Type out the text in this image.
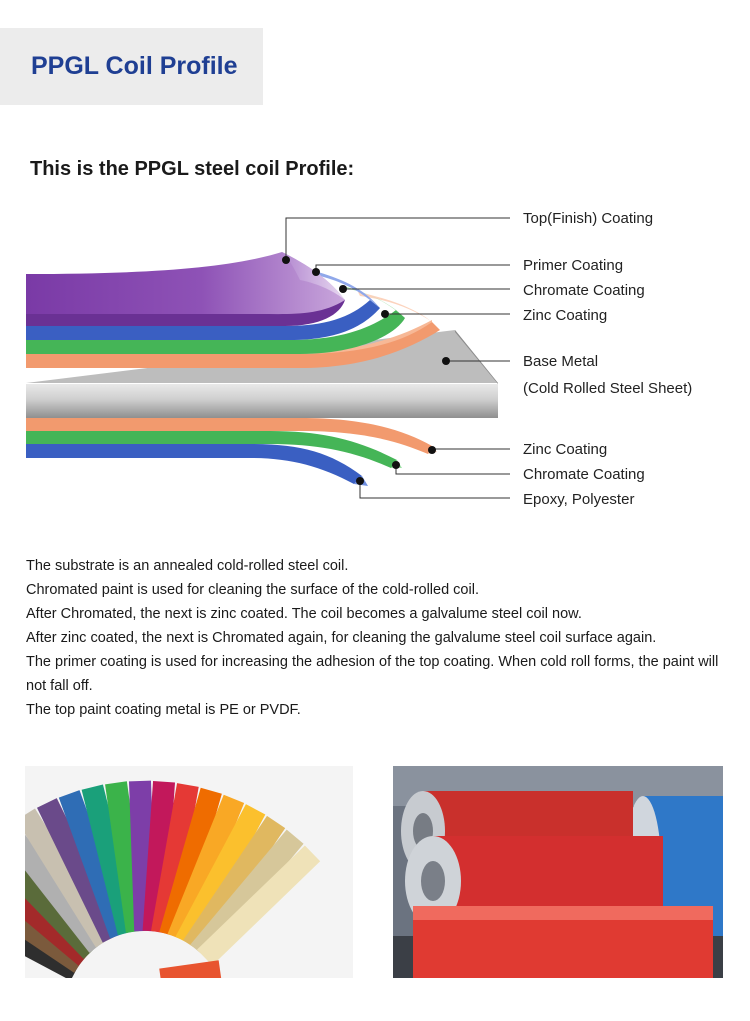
PPGL Coil Profile
This is the PPGL steel coil Profile:
Top(Finish) Coating
Primer Coating
Chromate Coating
Zinc Coating
Base Metal
(Cold Rolled Steel Sheet)
Zinc Coating
Chromate Coating
Epoxy, Polyester

The substrate is an annealed cold-rolled steel coil.

Chromated paint is used for cleaning the surface of the cold-rolled coil.

After Chromated, the next is zinc coated. The coil becomes a galvalume steel coil now.

After zinc coated, the next is Chromated again, for cleaning the galvalume steel coil surface again.

The primer coating is used for increasing the adhesion of the top coating. When cold roll forms, the paint will not fall off.

The top paint coating metal is PE or PVDF.
